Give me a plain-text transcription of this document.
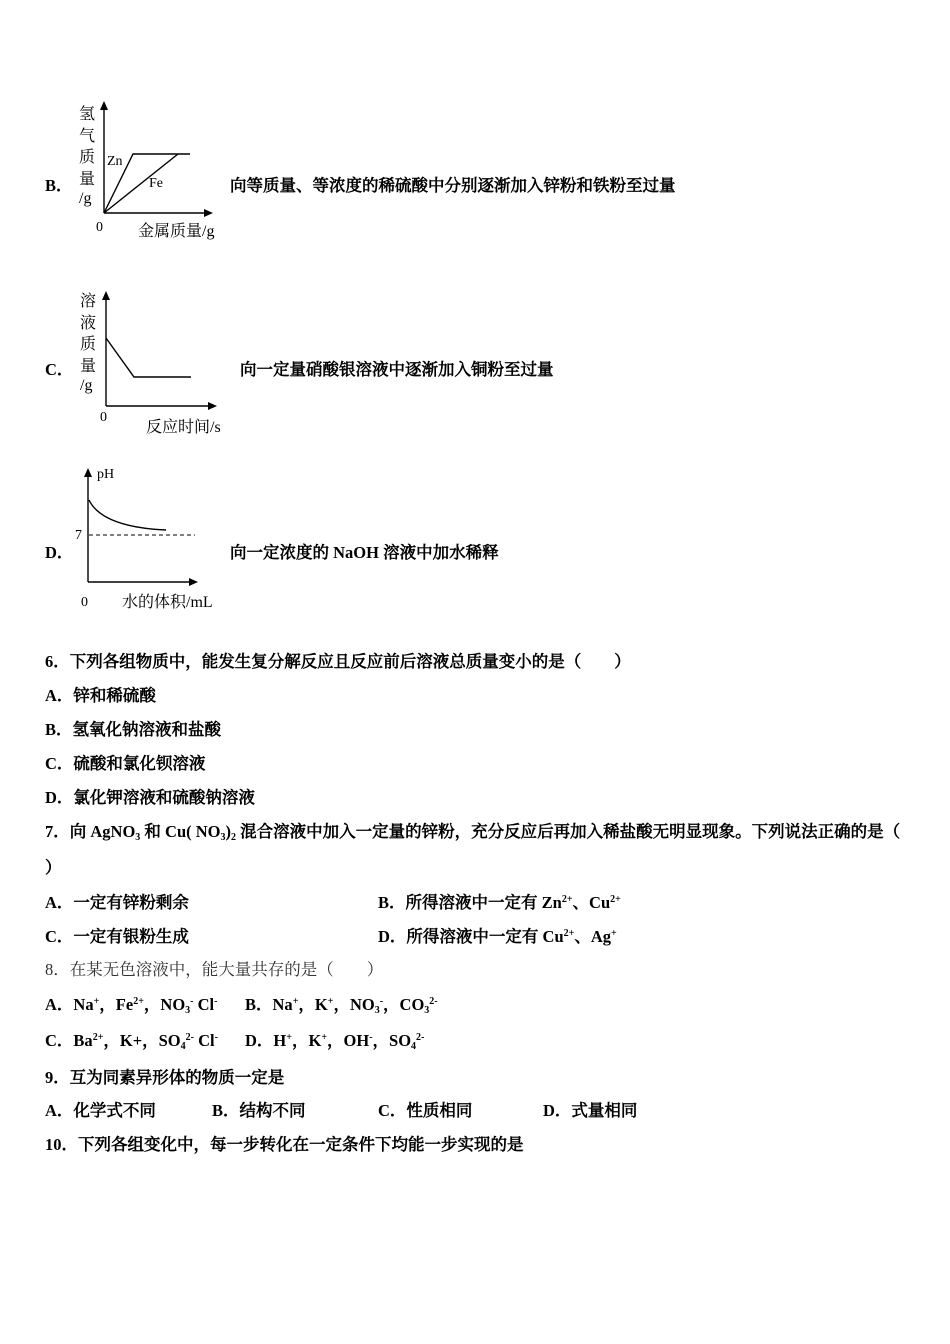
B．
氢气质量
/g
Zn
Fe
0 金属质量/g
向等质量、等浓度的稀硫酸中分别逐渐加入锌粉和铁粉至过量
C．
溶液质量
/g
0
反应时间/s
向一定量硝酸银溶液中逐渐加入铜粉至过量
D．
pH
7
0 水的体积/mL
向一定浓度的 NaOH 溶液中加水稀释
6．下列各组物质中，能发生复分解反应且反应前后溶液总质量变小的是（　　）
A．锌和稀硫酸
B．氢氧化钠溶液和盐酸
C．硫酸和氯化钡溶液
D．氯化钾溶液和硫酸钠溶液
7．向 AgNO$_3$ 和 Cu( $NO_3)_2$ 混合溶液中加入一定量的锌粉，充分反应后再加入稀盐酸无明显现象。下列说法正确的是（
）
A．一定有锌粉剩余	B．所得溶液中一定有 $Zn^{2+}$、$Cu^{2+}$
C．一定有银粉生成	D．所得溶液中一定有 $Cu^{2+}$、Ag+
8．在某无色溶液中，能大量共存的是（　　）
A．Na+，$Fe^{2+}$，$NO_3^-$ Cl- B．Na+，K+，$NO_3^-$，$CO_3^{2-}$
C．$Ba^{2+}$，K+，$SO_4^{2-}$ Cl- D．H+，K+，OH-，$SO_4^{2-}$
9．互为同素异形体的物质一定是
A．化学式不同	B．结构不同	C．性质相同	D．式量相同
10．下列各组变化中，每一步转化在一定条件下均能一步实现的是
